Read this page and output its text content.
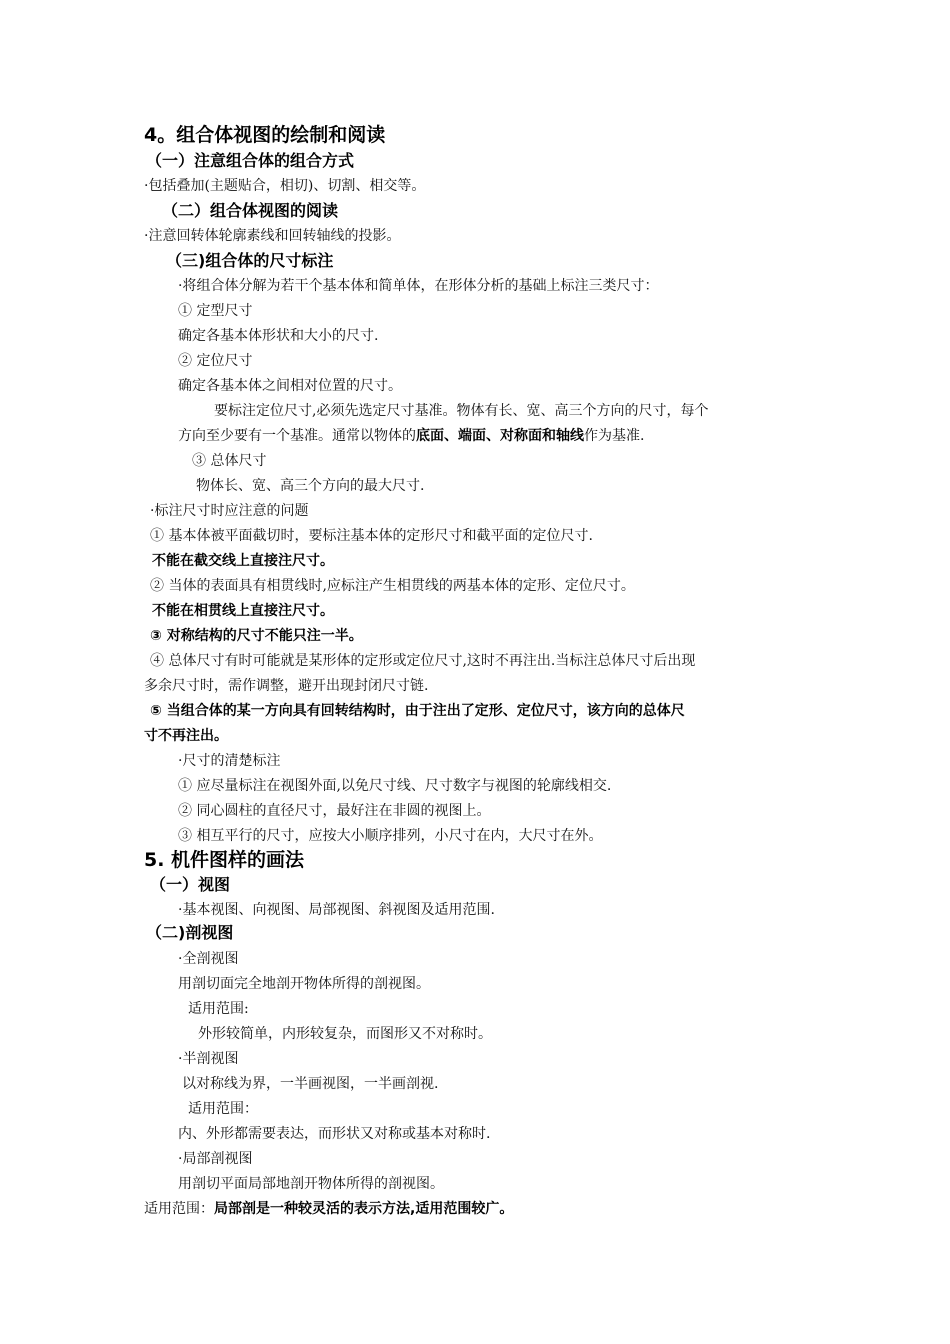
4。组合体视图的绘制和阅读
（一）注意组合体的组合方式
·包括叠加(主题贴合，相切)、切割、相交等。
（二）组合体视图的阅读
·注意回转体轮廓素线和回转轴线的投影。
（三)组合体的尺寸标注
·将组合体分解为若干个基本体和简单体，在形体分析的基础上标注三类尺寸：
① 定型尺寸
确定各基本体形状和大小的尺寸.
② 定位尺寸
确定各基本体之间相对位置的尺寸。
要标注定位尺寸,必须先选定尺寸基准。物体有长、宽、高三个方向的尺寸，每个
方向至少要有一个基准。通常以物体的底面、端面、对称面和轴线作为基准.
③ 总体尺寸
物体长、宽、高三个方向的最大尺寸.
·标注尺寸时应注意的问题
① 基本体被平面截切时，要标注基本体的定形尺寸和截平面的定位尺寸.
不能在截交线上直接注尺寸。
② 当体的表面具有相贯线时,应标注产生相贯线的两基本体的定形、定位尺寸。
不能在相贯线上直接注尺寸。
③ 对称结构的尺寸不能只注一半。
④ 总体尺寸有时可能就是某形体的定形或定位尺寸,这时不再注出.当标注总体尺寸后出现
多余尺寸时，需作调整，避开出现封闭尺寸链.
⑤ 当组合体的某一方向具有回转结构时，由于注出了定形、定位尺寸，该方向的总体尺
寸不再注出。
·尺寸的清楚标注
① 应尽量标注在视图外面,以免尺寸线、尺寸数字与视图的轮廓线相交.
② 同心圆柱的直径尺寸，最好注在非圆的视图上。
③ 相互平行的尺寸，应按大小顺序排列，小尺寸在内，大尺寸在外。
5. 机件图样的画法
（一）视图
·基本视图、向视图、局部视图、斜视图及适用范围.
（二)剖视图
·全剖视图
用剖切面完全地剖开物体所得的剖视图。
适用范围:
外形较简单，内形较复杂，而图形又不对称时。
·半剖视图
以对称线为界，一半画视图，一半画剖视.
适用范围：
内、外形都需要表达，而形状又对称或基本对称时.
·局部剖视图
用剖切平面局部地剖开物体所得的剖视图。
适用范围：局部剖是一种较灵活的表示方法,适用范围较广。
